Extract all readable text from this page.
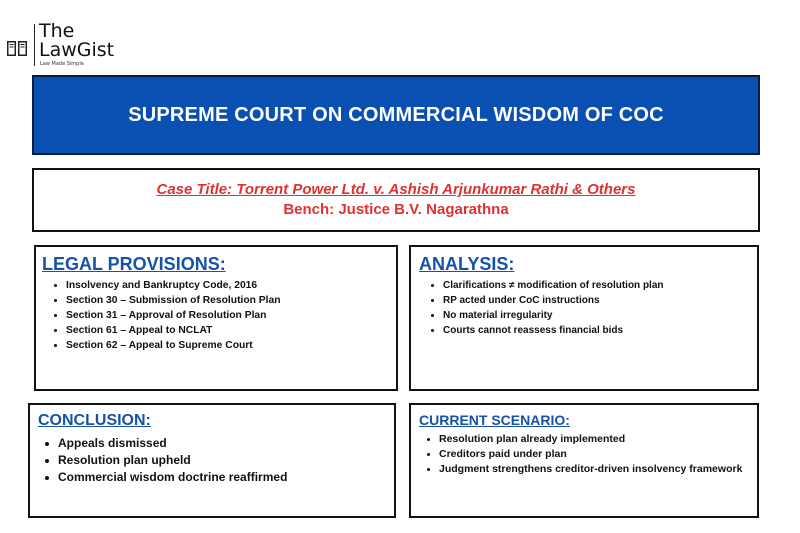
The
LawGist
Law Made Simple
SUPREME COURT ON COMMERCIAL WISDOM OF COC
Case Title: Torrent Power Ltd. v. Ashish Arjunkumar Rathi & Others
Bench: Justice B.V. Nagarathna
LEGAL PROVISIONS:
Insolvency and Bankruptcy Code, 2016
Section 30 – Submission of Resolution Plan
Section 31 – Approval of Resolution Plan
Section 61 – Appeal to NCLAT
Section 62 – Appeal to Supreme Court
ANALYSIS:
Clarifications ≠ modification of resolution plan
RP acted under CoC instructions
No material irregularity
Courts cannot reassess financial bids
CONCLUSION:
Appeals dismissed
Resolution plan upheld
Commercial wisdom doctrine reaffirmed
CURRENT SCENARIO:
Resolution plan already implemented
Creditors paid under plan
Judgment strengthens creditor-driven insolvency framework
